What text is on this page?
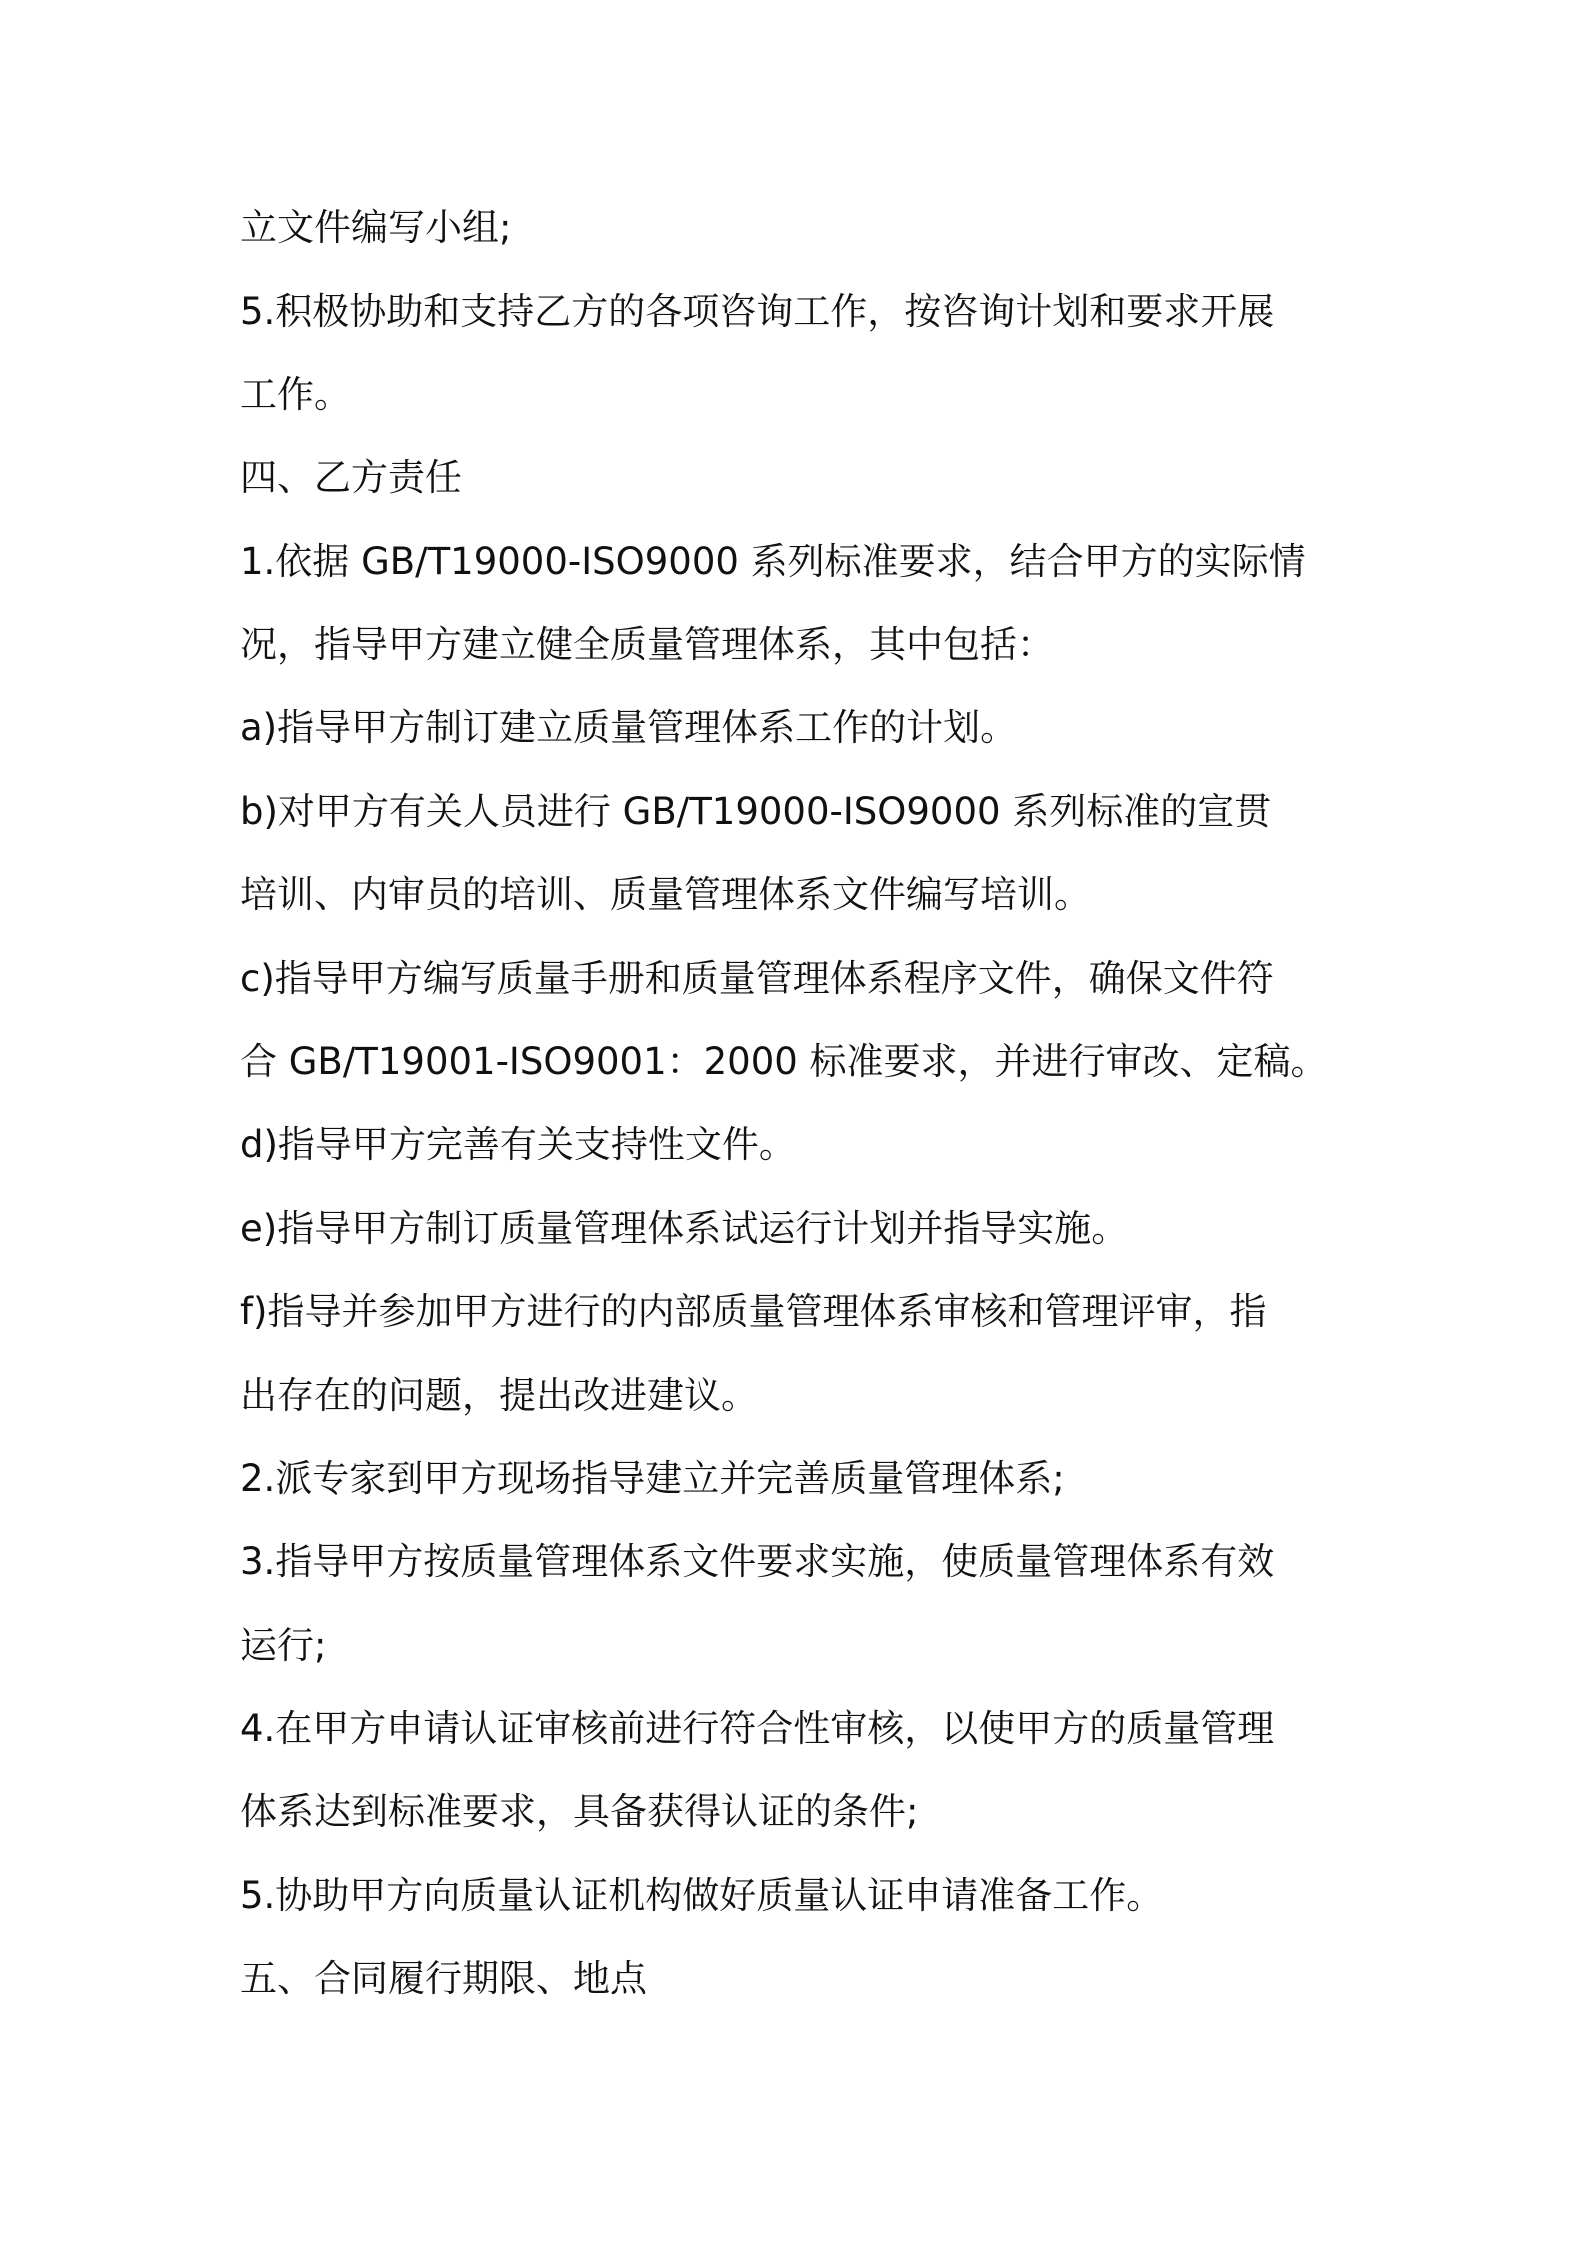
立文件编写小组;
5.积极协助和支持乙方的各项咨询工作，按咨询计划和要求开展
工作。
四、乙方责任
1.依据 GB/T19000-ISO9000 系列标准要求，结合甲方的实际情
况，指导甲方建立健全质量管理体系，其中包括：
a)指导甲方制订建立质量管理体系工作的计划。
b)对甲方有关人员进行 GB/T19000-ISO9000 系列标准的宣贯
培训、内审员的培训、质量管理体系文件编写培训。
c)指导甲方编写质量手册和质量管理体系程序文件，确保文件符
合 GB/T19001-ISO9001：2000 标准要求，并进行审改、定稿。
d)指导甲方完善有关支持性文件。
e)指导甲方制订质量管理体系试运行计划并指导实施。
f)指导并参加甲方进行的内部质量管理体系审核和管理评审，指
出存在的问题，提出改进建议。
2.派专家到甲方现场指导建立并完善质量管理体系;
3.指导甲方按质量管理体系文件要求实施，使质量管理体系有效
运行;
4.在甲方申请认证审核前进行符合性审核，以使甲方的质量管理
体系达到标准要求，具备获得认证的条件;
5.协助甲方向质量认证机构做好质量认证申请准备工作。
五、合同履行期限、地点
